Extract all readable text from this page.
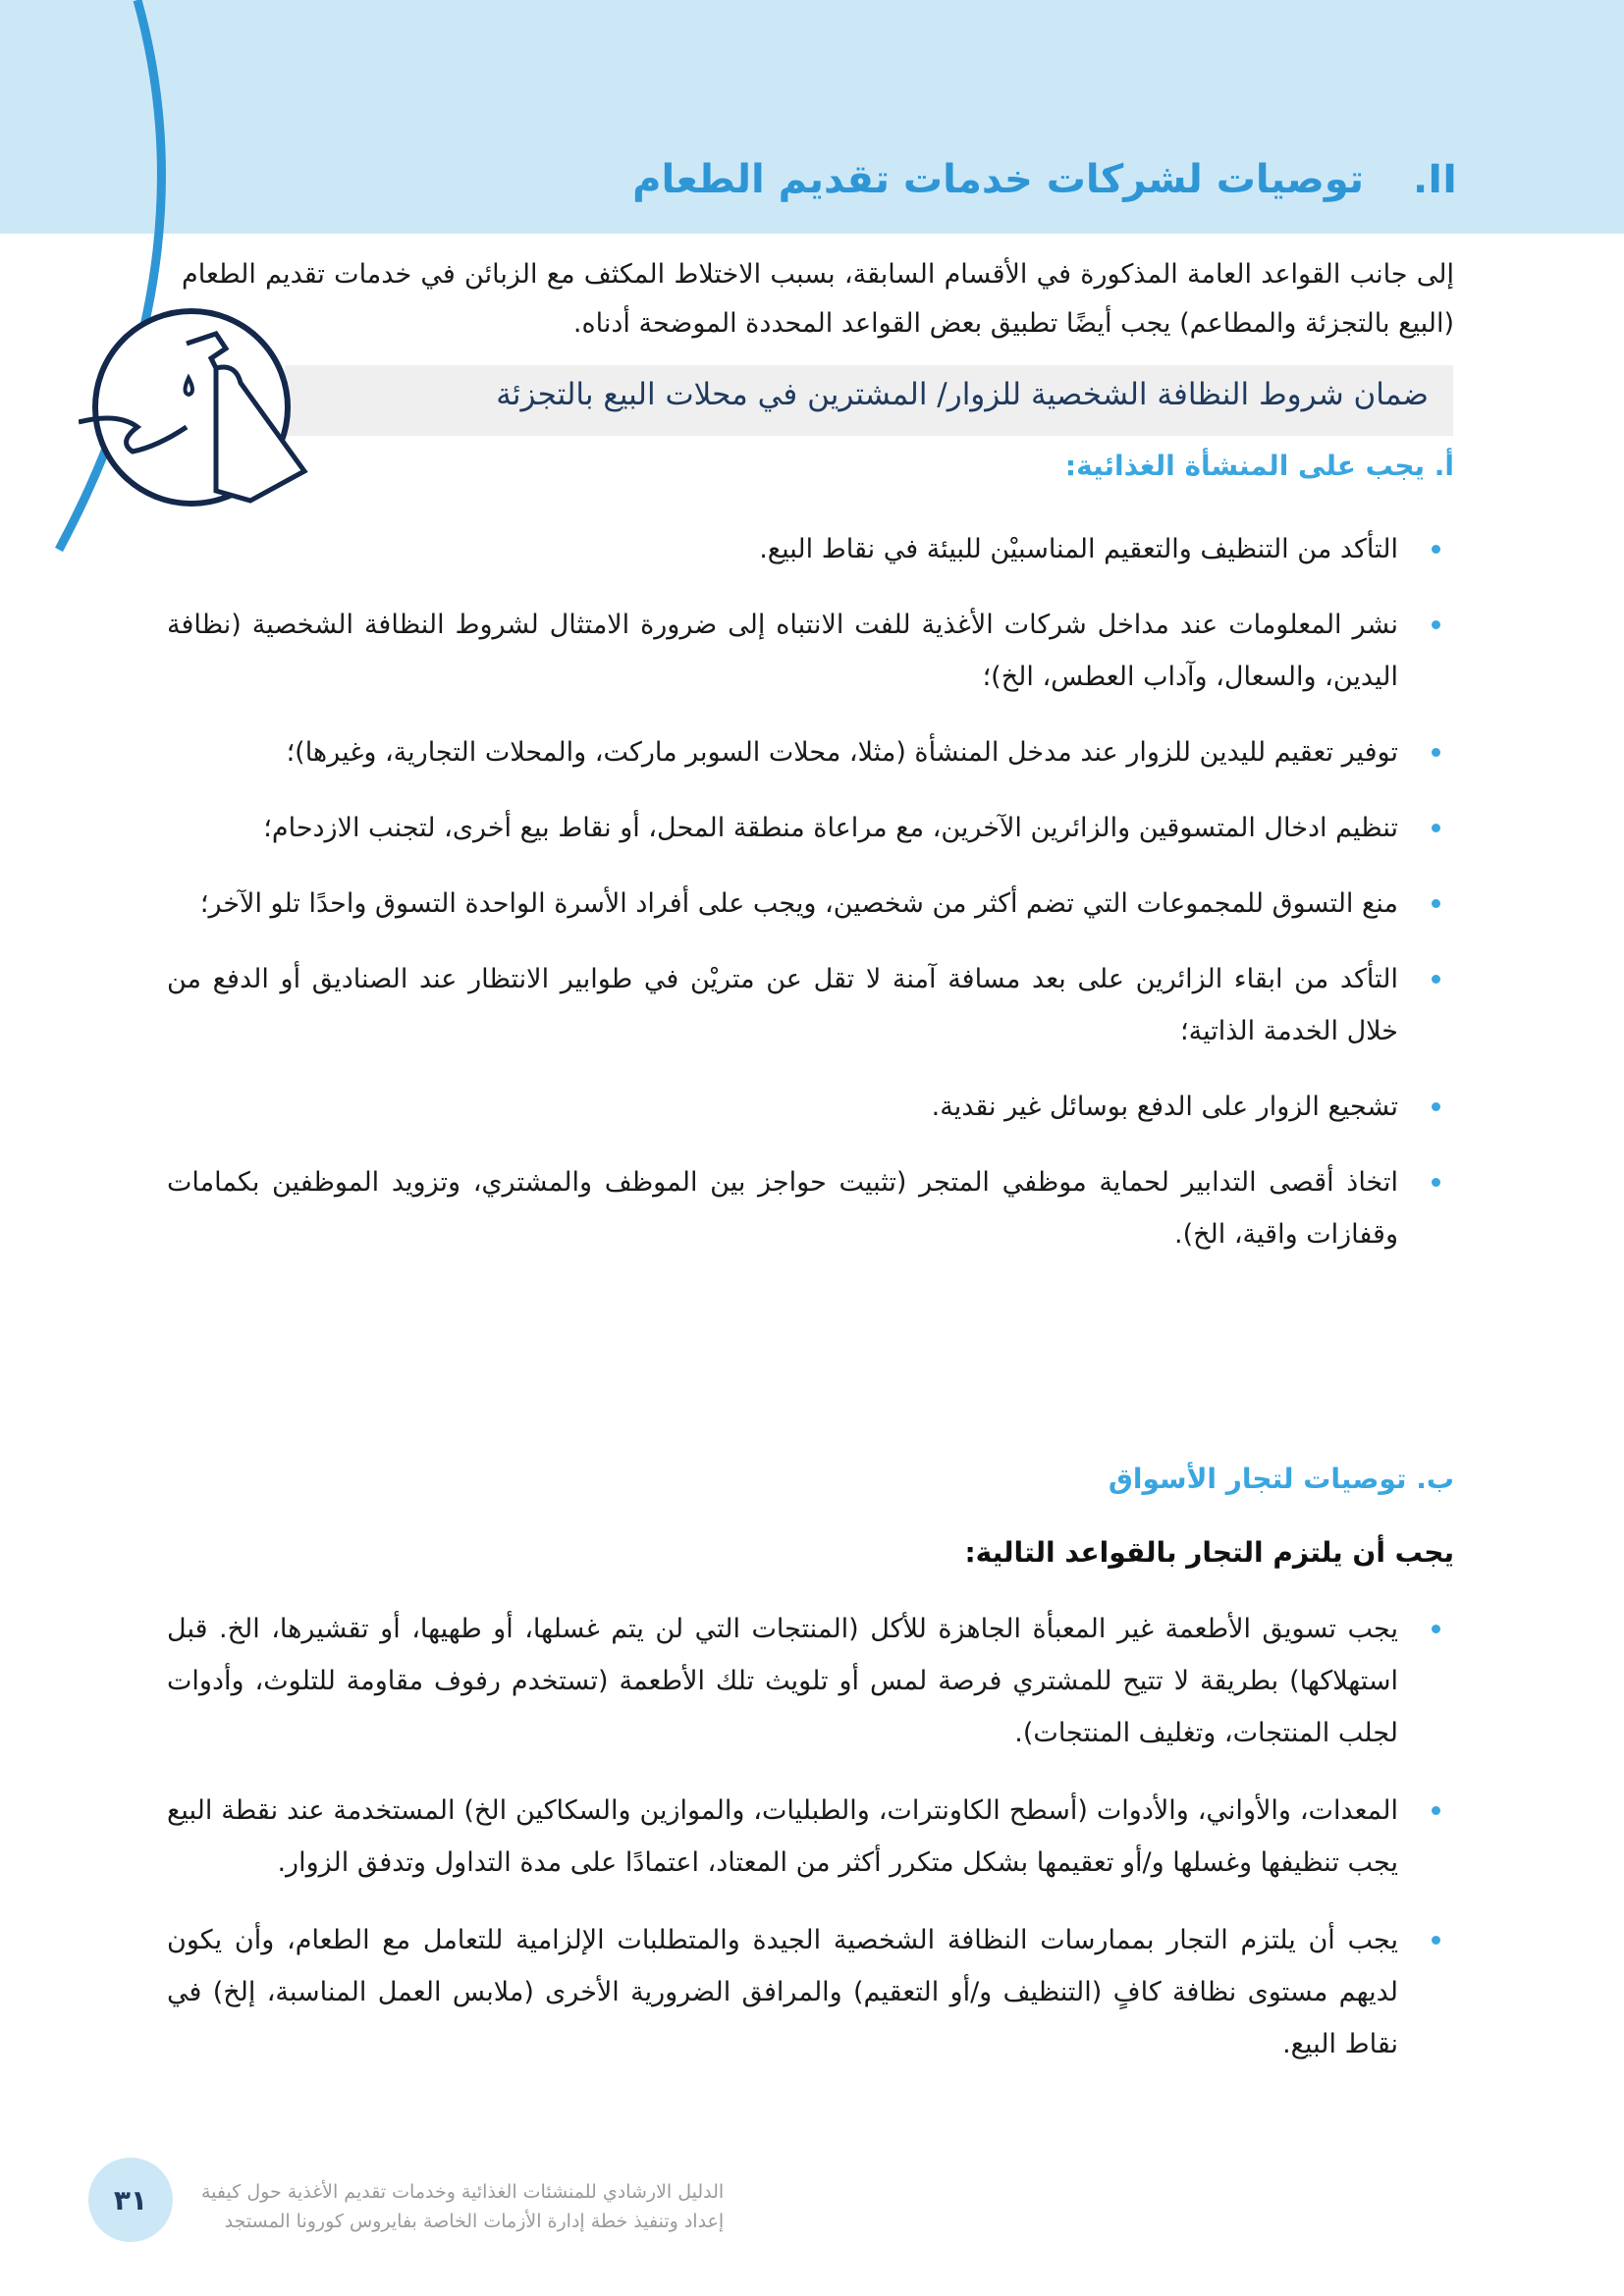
II.توصيات لشركات خدمات تقديم الطعام
إلى جانب القواعد العامة المذكورة في الأقسام السابقة، بسبب الاختلاط المكثف مع الزبائن في خدمات تقديم الطعام (البيع بالتجزئة والمطاعم) يجب أيضًا تطبيق بعض القواعد المحددة الموضحة أدناه.
ضمان شروط النظافة الشخصية للزوار/ المشترين في محلات البيع بالتجزئة
أ. يجب على المنشأة الغذائية:
التأكد من التنظيف والتعقيم المناسبيْن للبيئة في نقاط البيع.
نشر المعلومات عند مداخل شركات الأغذية للفت الانتباه إلى ضرورة الامتثال لشروط النظافة الشخصية (نظافة اليدين، والسعال، وآداب العطس، الخ)؛
توفير تعقيم لليدين للزوار عند مدخل المنشأة (مثلا، محلات السوبر ماركت، والمحلات التجارية، وغيرها)؛
تنظيم ادخال المتسوقين والزائرين الآخرين، مع مراعاة منطقة المحل، أو نقاط بيع أخرى، لتجنب الازدحام؛
منع التسوق للمجموعات التي تضم أكثر من شخصين، ويجب على أفراد الأسرة الواحدة التسوق واحدًا تلو الآخر؛
التأكد من ابقاء الزائرين على بعد مسافة آمنة لا تقل عن متريْن في طوابير الانتظار عند الصناديق أو الدفع من خلال الخدمة الذاتية؛
تشجيع الزوار على الدفع بوسائل غير نقدية.
اتخاذ أقصى التدابير لحماية موظفي المتجر (تثبيت حواجز بين الموظف والمشتري، وتزويد الموظفين بكمامات وقفازات واقية، الخ).
ب. توصيات لتجار الأسواق
يجب أن يلتزم التجار بالقواعد التالية:
يجب تسويق الأطعمة غير المعبأة الجاهزة للأكل (المنتجات التي لن يتم غسلها، أو طهيها، أو تقشيرها، الخ. قبل استهلاكها) بطريقة لا تتيح للمشتري فرصة لمس أو تلويث تلك الأطعمة (تستخدم رفوف مقاومة للتلوث، وأدوات لجلب المنتجات، وتغليف المنتجات).
المعدات، والأواني، والأدوات (أسطح الكاونترات، والطبليات، والموازين والسكاكين الخ) المستخدمة عند نقطة البيع يجب تنظيفها وغسلها و/أو تعقيمها بشكل متكرر أكثر من المعتاد، اعتمادًا على مدة التداول وتدفق الزوار.
يجب أن يلتزم التجار بممارسات النظافة الشخصية الجيدة والمتطلبات الإلزامية للتعامل مع الطعام، وأن يكون لديهم مستوى نظافة كافٍ (التنظيف و/أو التعقيم) والمرافق الضرورية الأخرى (ملابس العمل المناسبة، إلخ) في نقاط البيع.
٣١	الدليل الارشادي للمنشئات الغذائية وخدمات تقديم الأغذية حول كيفية
إعداد وتنفيذ خطة إدارة الأزمات الخاصة بفايروس كورونا المستجد
